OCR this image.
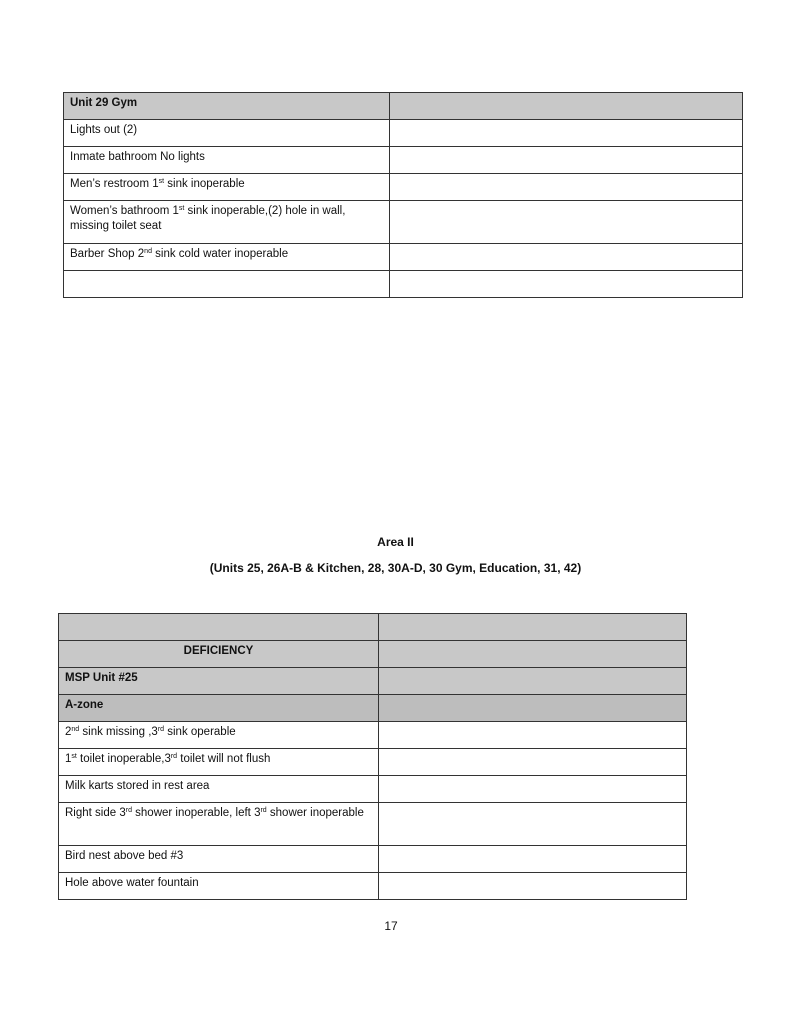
Unit 29 Gym	
Lights out (2)	
Inmate bathroom No lights	
Men’s restroom 1st sink inoperable	
Women’s bathroom 1st sink inoperable,(2) hole in wall, missing toilet seat	
Barber Shop 2nd sink cold water inoperable	

Area II
(Units 25, 26A-B & Kitchen, 28, 30A-D, 30 Gym, Education, 31, 42)

DEFICIENCY	
MSP Unit #25	
A-zone	
2nd sink missing ,3rd sink operable	
1st toilet inoperable,3rd toilet will not flush	
Milk karts stored in rest area	
Right side 3rd shower inoperable, left 3rd shower inoperable	
Bird nest above bed #3	
Hole above water fountain	
17
